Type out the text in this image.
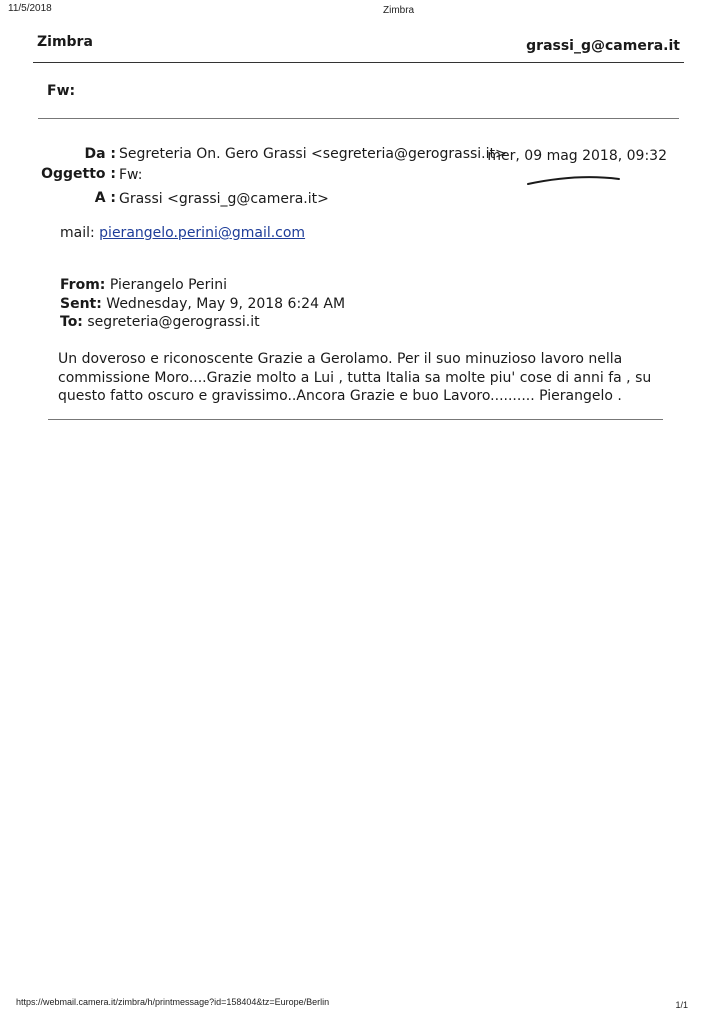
11/5/2018	Zimbra
Zimbra	grassi_g@camera.it
Fw:
Da : Segreteria On. Gero Grassi <segreteria@gerograssi.it>
mer, 09 mag 2018, 09:32
Oggetto : Fw:
A : Grassi <grassi_g@camera.it>
mail: pierangelo.perini@gmail.com
From: Pierangelo Perini
Sent: Wednesday, May 9, 2018 6:24 AM
To: segreteria@gerograssi.it
Un doveroso e riconoscente Grazie a Gerolamo. Per il suo minuzioso lavoro nella
commissione Moro....Grazie molto a Lui , tutta Italia sa molte piu' cose di anni fa , su
questo fatto oscuro e gravissimo..Ancora Grazie e buo Lavoro.......... Pierangelo .
https://webmail.camera.it/zimbra/h/printmessage?id=158404&tz=Europe/Berlin	1/1
